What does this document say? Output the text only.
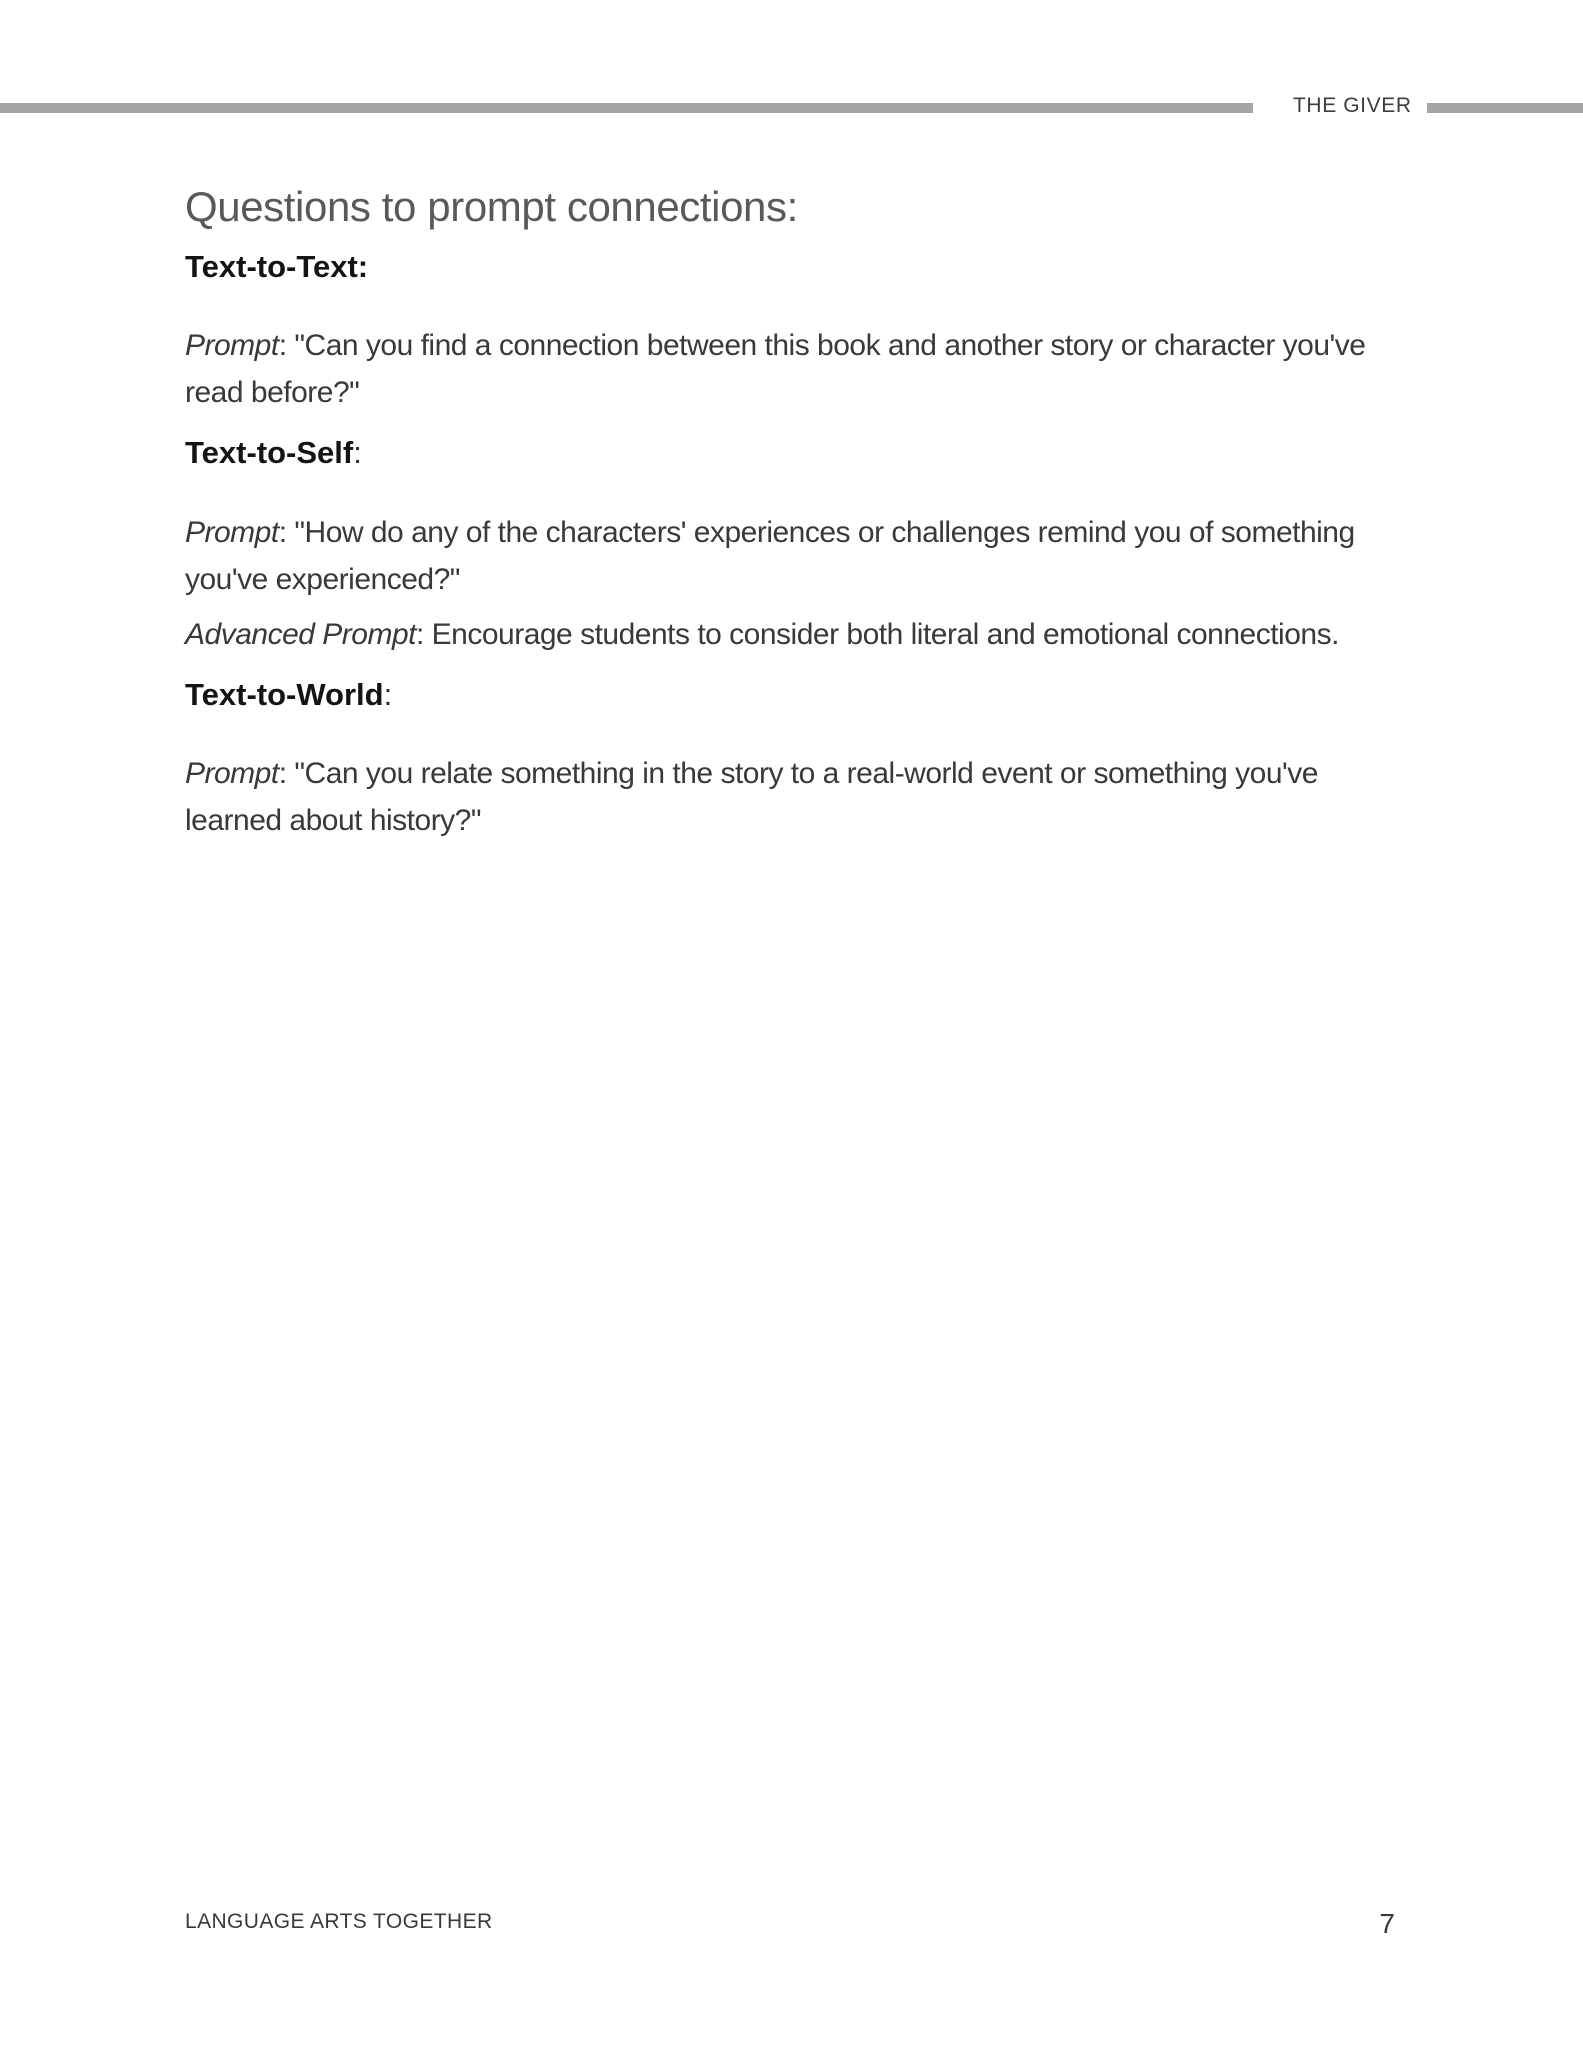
THE GIVER
Questions to prompt connections:
Text-to-Text:

Prompt: "Can you find a connection between this book and another story or character you've
read before?"

Text-to-Self:

Prompt: "How do any of the characters' experiences or challenges remind you of something
you've experienced?"

Advanced Prompt: Encourage students to consider both literal and emotional connections.

Text-to-World:

Prompt: "Can you relate something in the story to a real-world event or something you've
learned about history?"

LANGUAGE ARTS TOGETHER	7
